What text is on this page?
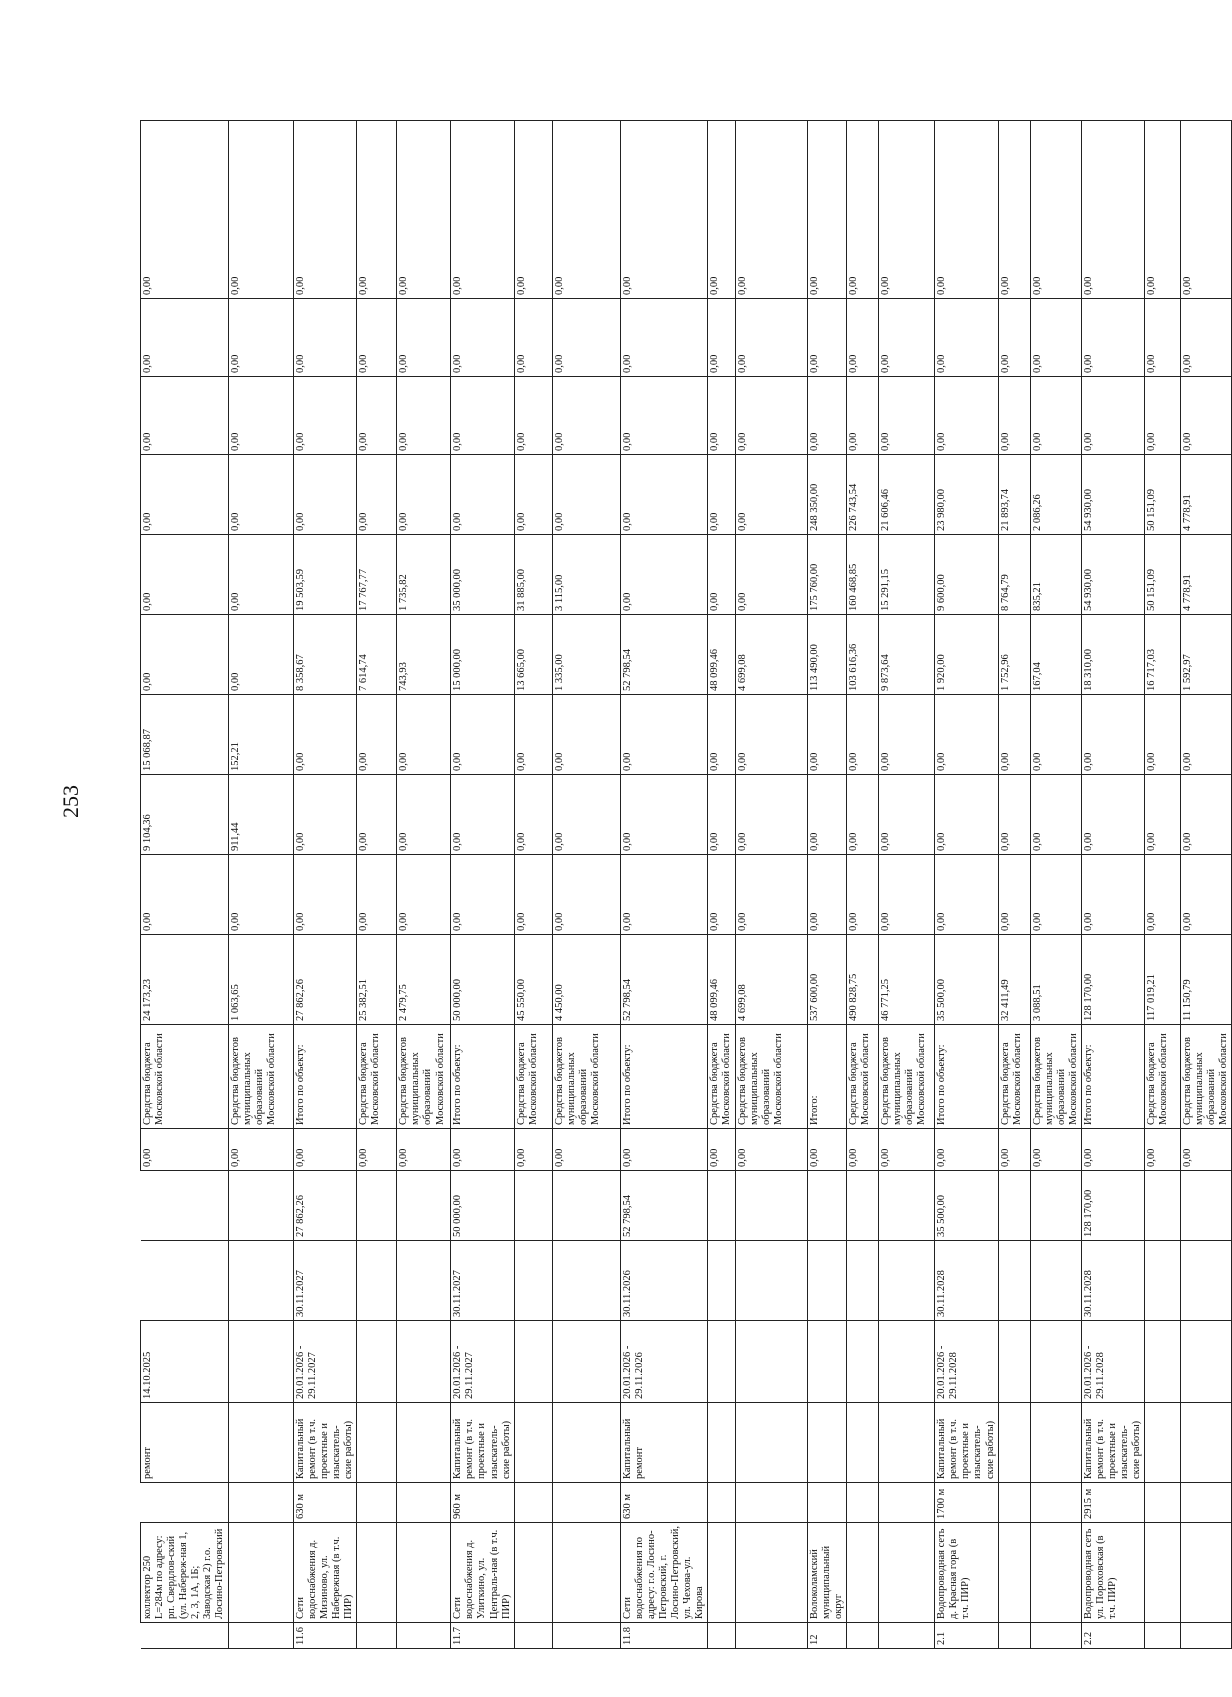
253
	коллектор 250 L=284м по адресу: рп. Свердлов-ский (ул. Набереж-ная 1, 2, 3, 1А, 1Б; Заводская 2) г.о. Лосино-Петровский		ремонт	14.10.2025			0,00	Средства бюджета Московской области	24 173,23	0,00	9 104,36	15 068,87	0,00	0,00	0,00	0,00	0,00	0,00
							0,00	Средства бюджетов муниципальных образований Московской области	1 063,65	0,00	911,44	152,21	0,00	0,00	0,00	0,00	0,00	0,00
11.6	Сети водоснабжения д. Мизиново, ул. Набережная (в т.ч. ПИР)	630 м	Капитальный ремонт (в т.ч. проектные и изыскатель-ские работы)	20.01.2026 - 29.11.2027	30.11.2027	27 862,26	0,00	Итого по объекту:	27 862,26	0,00	0,00	0,00	8 358,67	19 503,59	0,00	0,00	0,00	0,00
							0,00	Средства бюджета Московской области	25 382,51	0,00	0,00	0,00	7 614,74	17 767,77	0,00	0,00	0,00	0,00
							0,00	Средства бюджетов муниципальных образований Московской области	2 479,75	0,00	0,00	0,00	743,93	1 735,82	0,00	0,00	0,00	0,00
11.7	Сети водоснабжения д. Улиткино, ул. Централь-ная (в т.ч. ПИР)	960 м	Капитальный ремонт (в т.ч. проектные и изыскатель-ские работы)	20.01.2026 - 29.11.2027	30.11.2027	50 000,00	0,00	Итого по объекту:	50 000,00	0,00	0,00	0,00	15 000,00	35 000,00	0,00	0,00	0,00	0,00
							0,00	Средства бюджета Московской области	45 550,00	0,00	0,00	0,00	13 665,00	31 885,00	0,00	0,00	0,00	0,00
							0,00	Средства бюджетов муниципальных образований Московской области	4 450,00	0,00	0,00	0,00	1 335,00	3 115,00	0,00	0,00	0,00	0,00
11.8	Сети водоснабжения по адресу: г.о. Лосино-Петровский, г. Лосино-Петровский, ул. Чехова-ул. Кирова	630 м	Капитальный ремонт	20.01.2026 - 29.11.2026	30.11.2026	52 798,54	0,00	Итого по объекту:	52 798,54	0,00	0,00	0,00	52 798,54	0,00	0,00	0,00	0,00	0,00
							0,00	Средства бюджета Московской области	48 099,46	0,00	0,00	0,00	48 099,46	0,00	0,00	0,00	0,00	0,00
							0,00	Средства бюджетов муниципальных образований Московской области	4 699,08	0,00	0,00	0,00	4 699,08	0,00	0,00	0,00	0,00	0,00
12	Волоколамский муниципальный округ						0,00	Итого:	537 600,00	0,00	0,00	0,00	113 490,00	175 760,00	248 350,00	0,00	0,00	0,00
							0,00	Средства бюджета Московской области	490 828,75	0,00	0,00	0,00	103 616,36	160 468,85	226 743,54	0,00	0,00	0,00
							0,00	Средства бюджетов муниципальных образований Московской области	46 771,25	0,00	0,00	0,00	9 873,64	15 291,15	21 606,46	0,00	0,00	0,00
2.1	Водопроводная сеть д. Красная гора (в т.ч. ПИР)	1700 м	Капитальный ремонт (в т.ч. проектные и изыскатель-ские работы)	20.01.2026 - 29.11.2028	30.11.2028	35 500,00	0,00	Итого по объекту:	35 500,00	0,00	0,00	0,00	1 920,00	9 600,00	23 980,00	0,00	0,00	0,00
							0,00	Средства бюджета Московской области	32 411,49	0,00	0,00	0,00	1 752,96	8 764,79	21 893,74	0,00	0,00	0,00
							0,00	Средства бюджетов муниципальных образований Московской области	3 088,51	0,00	0,00	0,00	167,04	835,21	2 086,26	0,00	0,00	0,00
2.2	Водопроводная сеть ул. Пороховская (в т.ч. ПИР)	2915 м	Капитальный ремонт (в т.ч. проектные и изыскатель-ские работы)	20.01.2026 - 29.11.2028	30.11.2028	128 170,00	0,00	Итого по объекту:	128 170,00	0,00	0,00	0,00	18 310,00	54 930,00	54 930,00	0,00	0,00	0,00
							0,00	Средства бюджета Московской области	117 019,21	0,00	0,00	0,00	16 717,03	50 151,09	50 151,09	0,00	0,00	0,00
							0,00	Средства бюджетов муниципальных образований Московской области	11 150,79	0,00	0,00	0,00	1 592,97	4 778,91	4 778,91	0,00	0,00	0,00
